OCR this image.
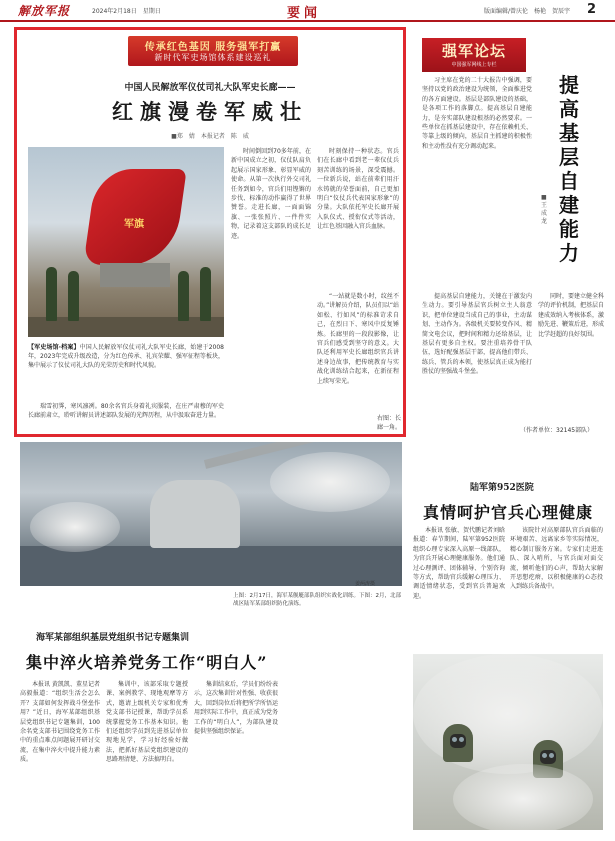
解放军报	2024年2月18日　星期日	要闻	版面编辑/曾庆伦　杨艳　贺辰宇 2
传承红色基因 服务强军打赢
新时代军史场馆体系建设巡礼
中国人民解放军仪仗司礼大队军史长廊——
红旗漫卷军威壮
■郑　婧　本报记者　陈　威
军旗
【军史场馆·档案】中国人民解放军仪仗司礼大队军史长廊，始建于2008年，2023年完成升级改造，分为红色传承、礼宾荣耀、强军征程等板块，集中展示了仪仗司礼大队的光荣历史和时代风貌。
瑞雪初霁，寒风凛冽。80余名官兵身着礼宾服装，在庄严肃穆的军史长廊前肃立，聆听讲解员讲述部队发展的光辉历程，从中汲取奋进力量。
时间倒回到70多年前，在新中国成立之初，仪仗队肩负起展示国家形象、彰显军威的使命。从第一次执行外交司礼任务到如今，官兵们用铿锵的步伐、标准的动作赢得了世界赞誉。走进长廊，一面面锦旗、一张张照片、一件件实物，记录着这支部队的成长足迹。
时刻保持一种状态。官兵们在长廊中看到老一辈仪仗兵刻苦训练的场景，深受震撼。一位新兵说，站在前辈们用汗水铸就的荣誉面前，自己更加明白“仪仗兵代表国家形象”的分量。大队依托军史长廊开展入队仪式、授衔仪式等活动，让红色基因融入官兵血脉。
“一站就是数小时，纹丝不动。”讲解员介绍，队员们以“站如松、行如风”的标准苛求自己，在烈日下、寒风中反复锤炼。长廊里的一段段影像，让官兵们感受到坚守的意义。大队还利用军史长廊组织官兵讲述身边故事，把传统教育与实战化训练结合起来，在新征程上续写荣光。
右图：长廊一角。
强军论坛
中国强军网线上专栏
提高基层自建能力
■王成龙
习主席在党的二十大报告中强调，要坚持以党的政治建设为统领，全面推进党的各方面建设。基层是部队建设的基础，是各项工作的落脚点。提高基层自建能力，是夯实部队建设根基的必然要求。一些单位在抓基层建设中，存在依赖机关、等靠上级的倾向，基层自主抓建的积极性和主动性没有充分调动起来。
提高基层自建能力，关键在于激发内生动力。要引导基层官兵树立主人翁意识，把单位建设当成自己的事业，主动谋划、主动作为。各级机关要转变作风、精简文电会议，把时间和精力还给基层，让基层有更多自主权。要注重培养骨干队伍，选好配强基层干部，提高他们带兵、练兵、管兵的本领，使基层真正成为能打胜仗的坚强战斗堡垒。
同时，要建立健全科学的评价机制，把基层自建成效纳入考核体系，激励先进、鞭策后进，形成比学赶超的良好氛围。
（作者单位：32145部队）
姜两涛摄
上图：2月17日，海军某舰艇部队组织实战化训练。下图：2月，北部战区陆军某部组织防化演练。
海军某部组织基层党组织书记专题集训
集中淬火培养党务工作“明白人”
本报讯 黄凯凯、董星记者高毅报道：“组织生活会怎么开？支部如何发挥战斗堡垒作用？”近日，海军某部组织基层党组织书记专题集训，100余名党支部书记围绕党务工作中的重点难点问题展开研讨交流，在集中淬火中提升能力素质。
集训中，该部采取专题授课、案例教学、现地观摩等方式，邀请上级机关专家和优秀党支部书记授课，帮助学员系统掌握党务工作基本知识。他们还组织学员到先进基层单位现地见学，学习好经验好做法，把抓好基层党组织建设的思路理清楚、方法搞明白。
集训结束后，学员们纷纷表示，这次集训针对性强、收获很大，回到岗位后将把所学所悟运用到实际工作中，真正成为党务工作的“明白人”，为部队建设提供坚强组织保证。
陆军第952医院
真情呵护官兵心理健康
本报讯 张敏、贺代鹏记者刘晗报道：春节期间，陆军第952医院组织心理专家深入高原一线部队，为官兵开展心理健康服务。他们通过心理测评、团体辅导、个别咨询等方式，帮助官兵缓解心理压力、调适情绪状态，受到官兵普遍欢迎。
该院针对高原部队官兵面临的环境艰苦、远离家乡等实际情况，精心制订服务方案。专家们走进连队、深入哨所，与官兵面对面交流，倾听他们的心声，帮助大家解开思想疙瘩，以积极健康的心态投入到练兵备战中。
